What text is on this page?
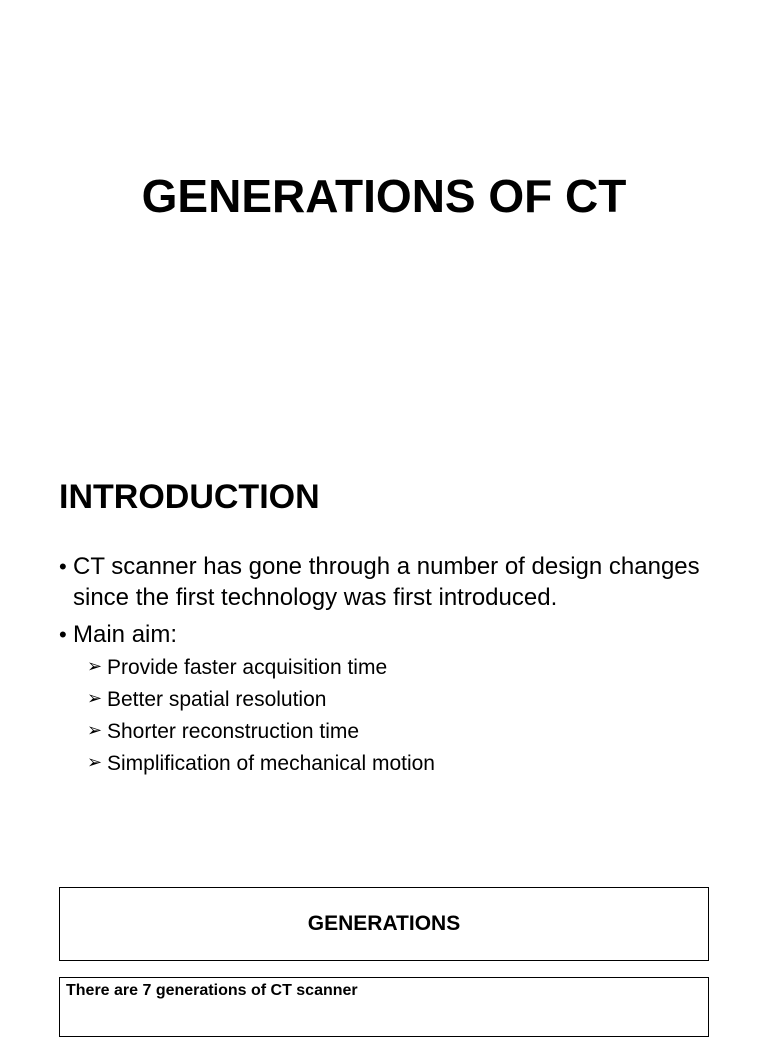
GENERATIONS OF CT
INTRODUCTION
• CT scanner has gone through a number of design changes since the first technology was first introduced.
• Main aim:
➢ Provide faster acquisition time
➢ Better spatial resolution
➢ Shorter reconstruction time
➢ Simplification of mechanical motion
GENERATIONS
There are 7 generations of CT scanner
